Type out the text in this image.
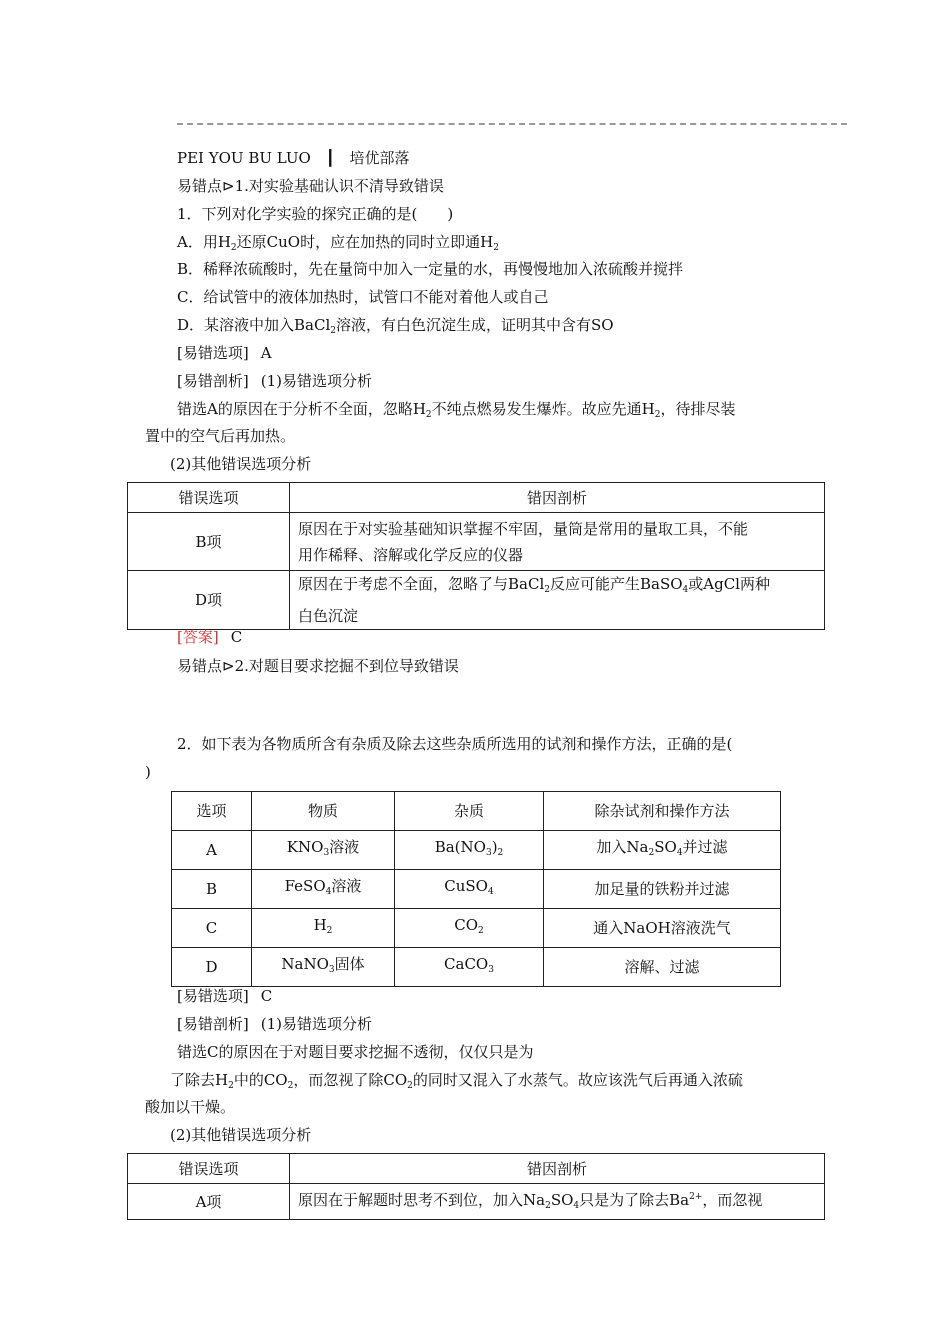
PEI YOU BU LUO ┃ 培优部落
易错点⊳1.对实验基础认识不清导致错误
1．下列对化学实验的探究正确的是(　　)
A．用$H_2$还原CuO时，应在加热的同时立即通$H_2$
B．稀释浓硫酸时，先在量筒中加入一定量的水，再慢慢地加入浓硫酸并搅拌
C．给试管中的液体加热时，试管口不能对着他人或自己
D．某溶液中加入BaCl$_2$溶液，有白色沉淀生成，证明其中含有SO
[易错选项] A
[易错剖析] (1)易错选项分析
错选A的原因在于分析不全面，忽略$H_2$不纯点燃易发生爆炸。故应先通$H_2$，待排尽装
置中的空气后再加热。
(2)其他错误选项分析
错误选项	错因剖析
B项	原因在于对实验基础知识掌握不牢固，量筒是常用的量取工具，不能
用作稀释、溶解或化学反应的仪器
D项	原因在于考虑不全面，忽略了与BaCl$_2$反应可能产生BaSO$_4$或AgCl两种
白色沉淀
[答案] C
易错点⊳2.对题目要求挖掘不到位导致错误
2．如下表为各物质所含有杂质及除去这些杂质所选用的试剂和操作方法，正确的是(
)
选项	物质	杂质	除杂试剂和操作方法
A	$KNO_3$溶液	$Ba(NO_3)_2$	加入$Na_2SO_4$并过滤
B	FeSO$_4$溶液	CuSO$_4$	加足量的铁粉并过滤
C	$H_2$	$CO_2$	通入NaOH溶液洗气
D	NaNO$_3$固体	CaCO$_3$	溶解、过滤
[易错选项] C
[易错剖析] (1)易错选项分析
错选C的原因在于对题目要求挖掘不透彻，仅仅只是为
了除去$H_2$中的$CO_2$，而忽视了除$CO_2$的同时又混入了水蒸气。故应该洗气后再通入浓硫
酸加以干燥。
(2)其他错误选项分析
错误选项	错因剖析
A项	原因在于解题时思考不到位，加入$Na_2SO_4$只是为了除去$Ba^{2+}$，而忽视
